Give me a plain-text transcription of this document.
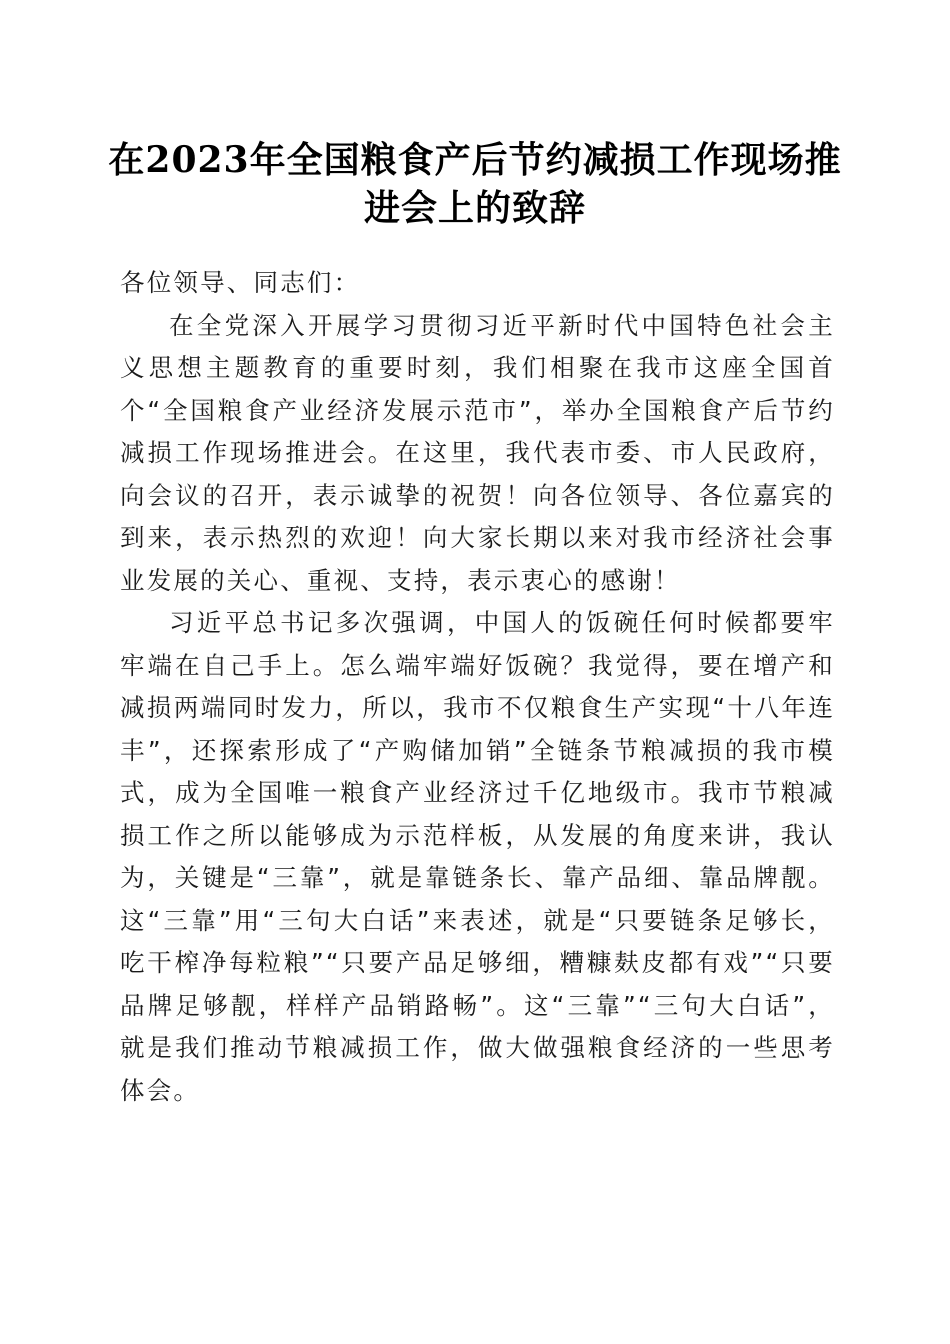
在2023年全国粮食产后节约减损工作现场推
进会上的致辞

各位领导、同志们：

在全党深入开展学习贯彻习近平新时代中国特色社会主义思想主题教育的重要时刻，我们相聚在我市这座全国首个“全国粮食产业经济发展示范市”，举办全国粮食产后节约减损工作现场推进会。在这里，我代表市委、市人民政府，向会议的召开，表示诚挚的祝贺！向各位领导、各位嘉宾的到来，表示热烈的欢迎！向大家长期以来对我市经济社会事业发展的关心、重视、支持，表示衷心的感谢！

习近平总书记多次强调，中国人的饭碗任何时候都要牢牢端在自己手上。怎么端牢端好饭碗？我觉得，要在增产和减损两端同时发力，所以，我市不仅粮食生产实现“十八年连丰”，还探索形成了“产购储加销”全链条节粮减损的我市模式，成为全国唯一粮食产业经济过千亿地级市。我市节粮减损工作之所以能够成为示范样板，从发展的角度来讲，我认为，关键是“三靠”，就是靠链条长、靠产品细、靠品牌靓。这“三靠”用“三句大白话”来表述，就是“只要链条足够长，吃干榨净每粒粮”“只要产品足够细，糟糠麸皮都有戏”“只要品牌足够靓，样样产品销路畅”。这“三靠”“三句大白话”，就是我们推动节粮减损工作，做大做强粮食经济的一些思考体会。
